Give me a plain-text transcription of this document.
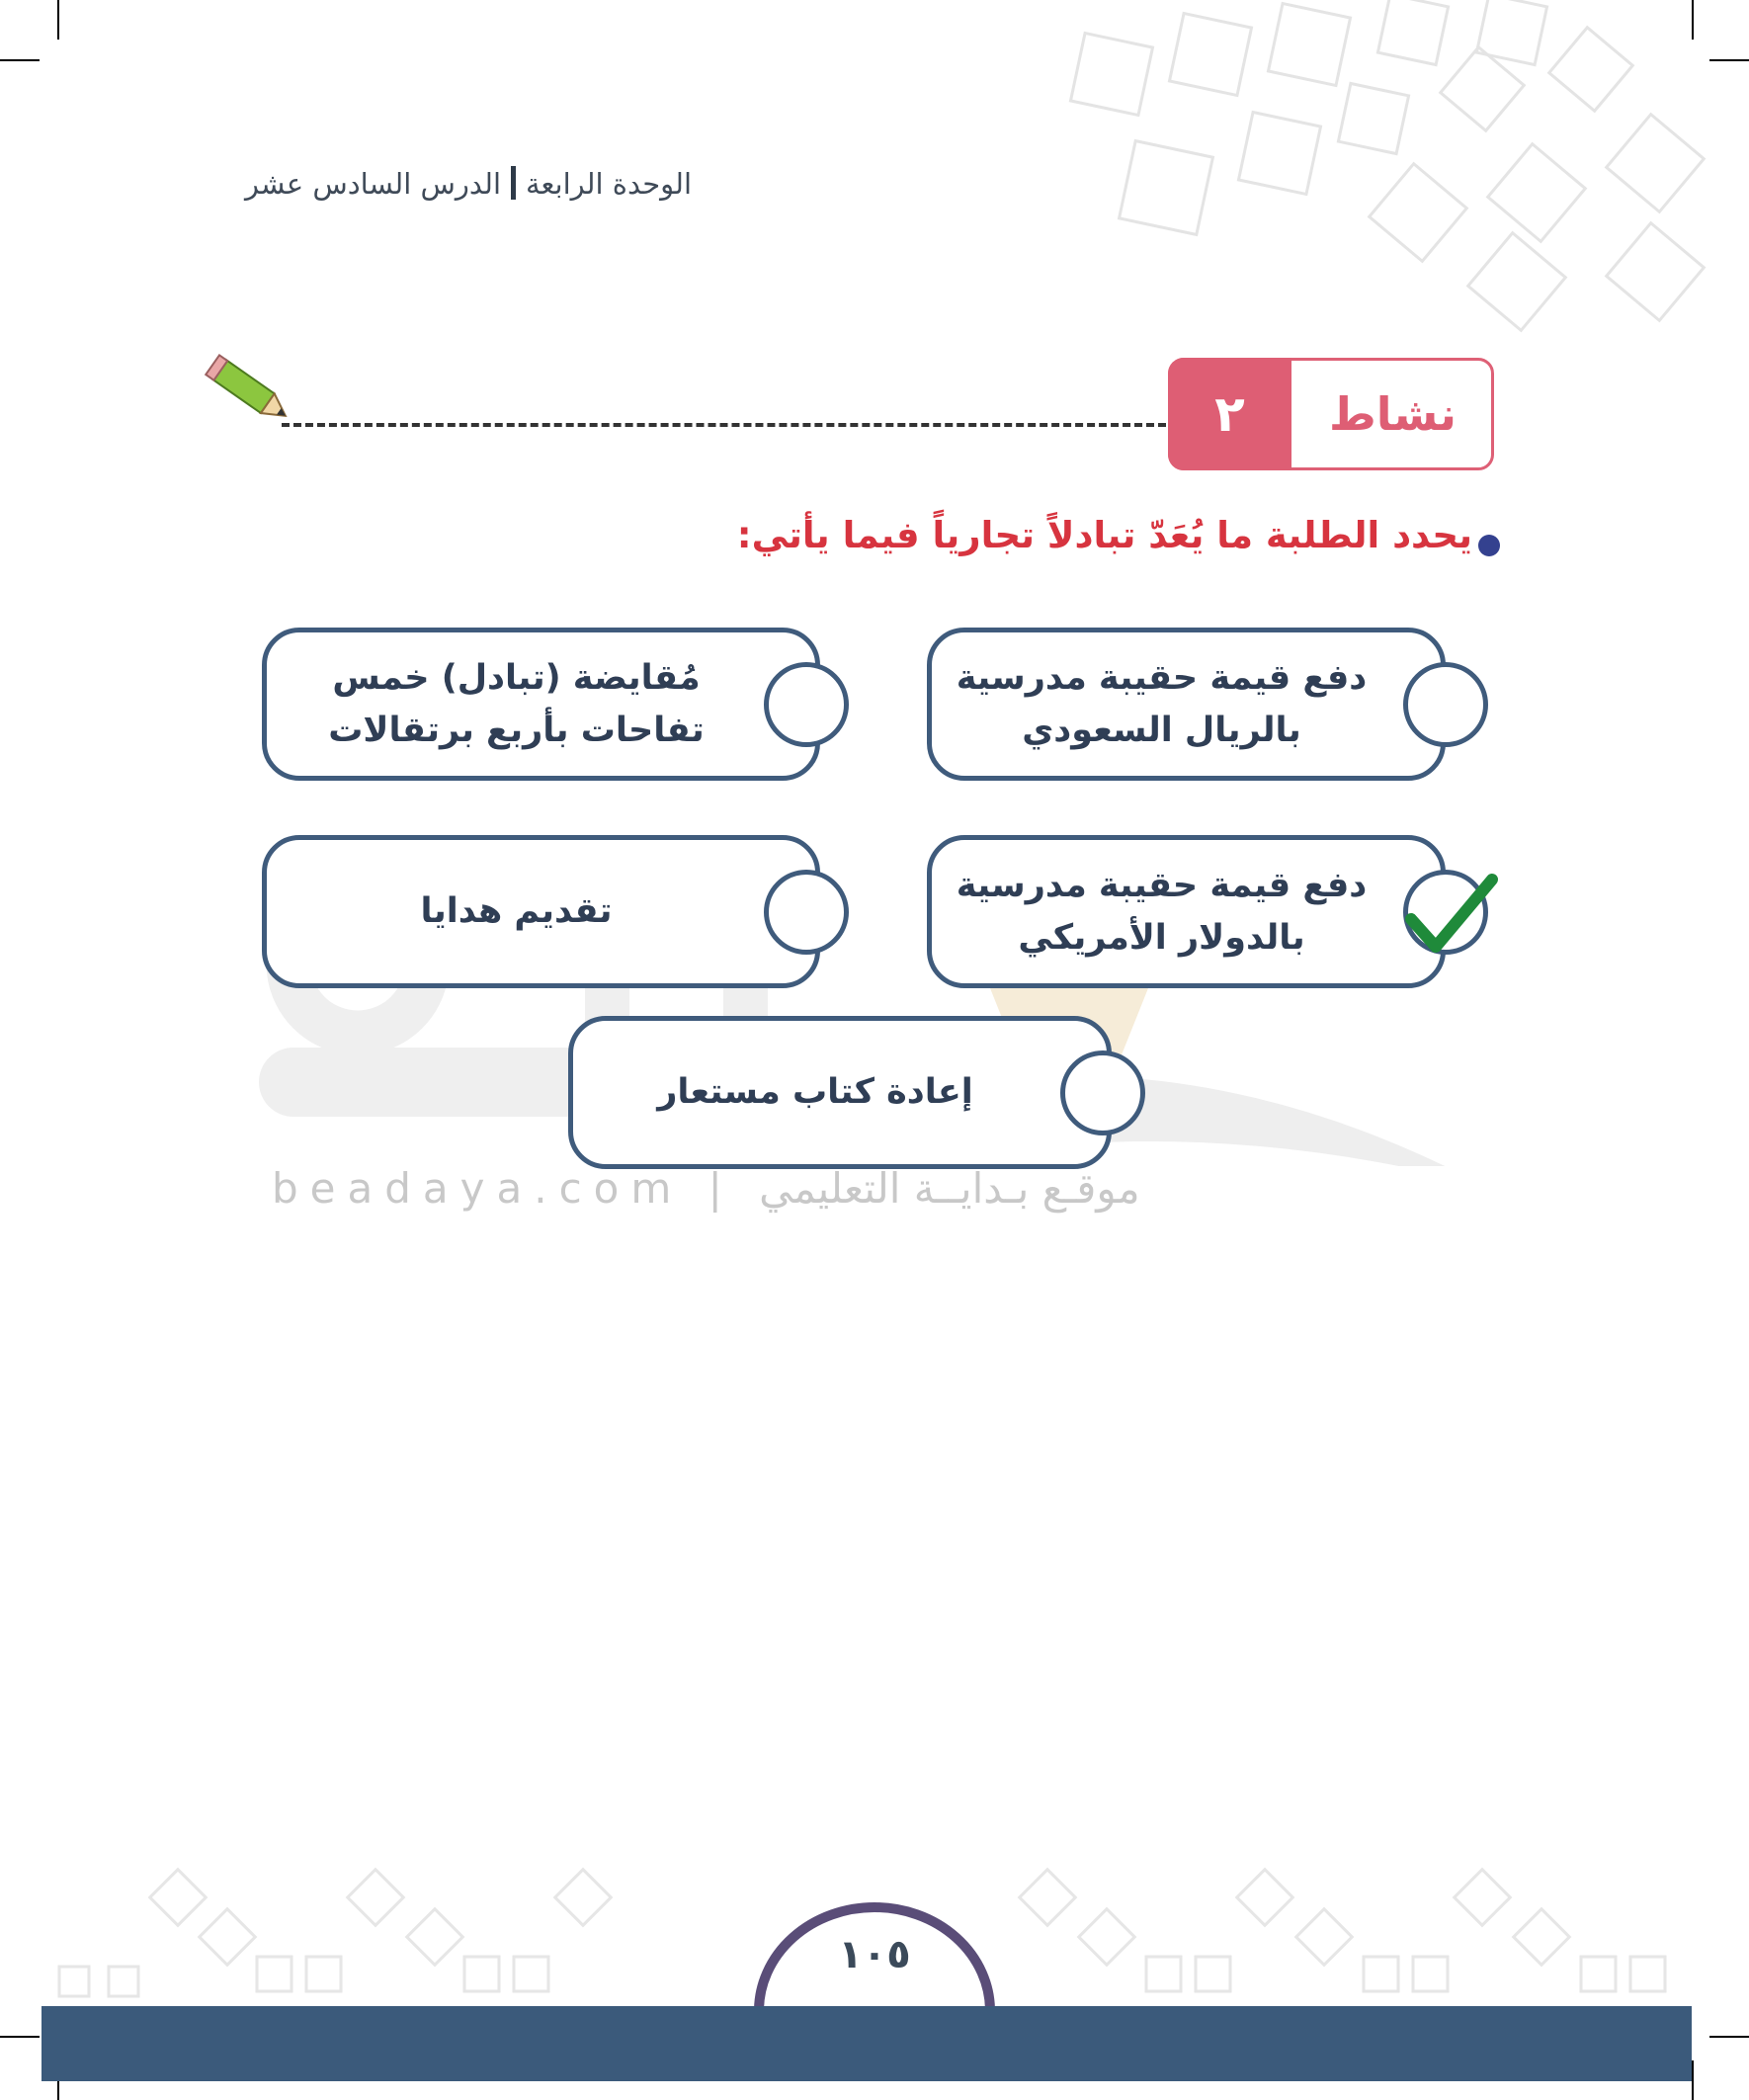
الوحدة الرابعةالدرس السادس عشر
٢	نشاط
يحدد الطلبة ما يُعَدّ تبادلاً تجارياً فيما يأتي:
دفع قيمة حقيبة مدرسية بالريال السعودي
مُقايضة (تبادل) خمس تفاحات بأربع برتقالات
دفع قيمة حقيبة مدرسية بالدولار الأمريكي
تقديم هدايا
إعادة كتاب مستعار
beadaya.com | موقـع بـدايــة التعليمي
١٠٥
